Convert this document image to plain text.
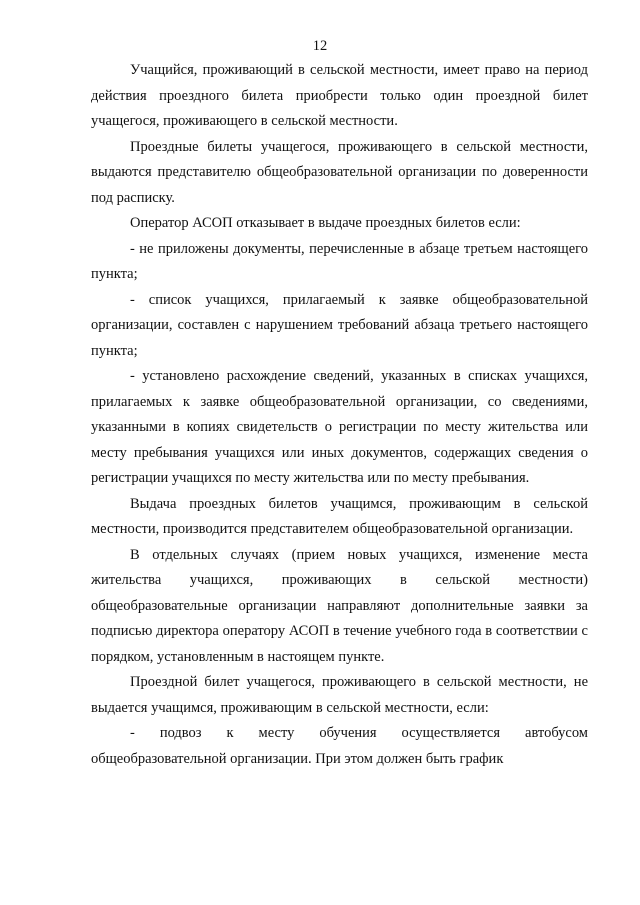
12

Учащийся, проживающий в сельской местности, имеет право на период действия проездного билета приобрести только один проездной билет учащегося, проживающего в сельской местности.

Проездные билеты учащегося, проживающего в сельской местности, выдаются представителю общеобразовательной организации по доверенности под расписку.

Оператор АСОП отказывает в выдаче проездных билетов если:

- не приложены документы, перечисленные в абзаце третьем настоящего пункта;

- список учащихся, прилагаемый к заявке общеобразовательной организации, составлен с нарушением требований абзаца третьего настоящего пункта;

- установлено расхождение сведений, указанных в списках учащихся, прилагаемых к заявке общеобразовательной организации, со сведениями, указанными в копиях свидетельств о регистрации по месту жительства или месту пребывания учащихся или иных документов, содержащих сведения о регистрации учащихся по месту жительства или по месту пребывания.

Выдача проездных билетов учащимся, проживающим в сельской местности, производится представителем общеобразовательной организации.

В отдельных случаях (прием новых учащихся, изменение места жительства учащихся, проживающих в сельской местности) общеобразовательные организации направляют дополнительные заявки за подписью директора оператору АСОП в течение учебного года в соответствии с порядком, установленным в настоящем пункте.

Проездной билет учащегося, проживающего в сельской местности, не выдается учащимся, проживающим в сельской местности, если:

- подвоз к месту обучения осуществляется автобусом общеобразовательной организации. При этом должен быть график
